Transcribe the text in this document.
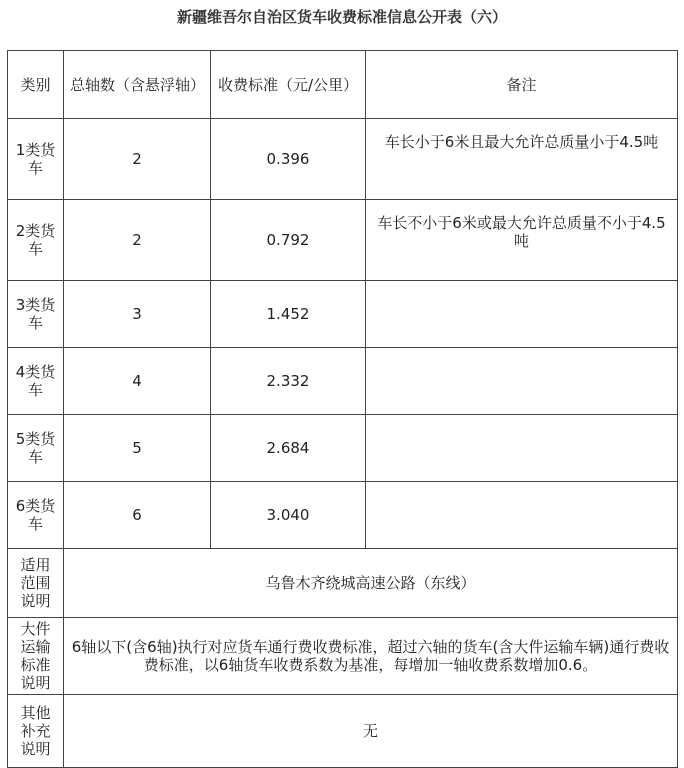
新疆维吾尔自治区货车收费标准信息公开表（六）
类别	总轴数（含悬浮轴）	收费标准（元/公里）	备注
1类货车	2	0.396	车长小于6米且最大允许总质量小于4.5吨
2类货车	2	0.792	车长不小于6米或最大允许总质量不小于4.5吨
3类货车	3	1.452	
4类货车	4	2.332	
5类货车	5	2.684	
6类货车	6	3.040	
适用范围说明	乌鲁木齐绕城高速公路（东线）		
大件运输标准说明	6轴以下(含6轴)执行对应货车通行费收费标准，超过六轴的货车(含大件运输车辆)通行费收费标准，以6轴货车收费系数为基准，每增加一轴收费系数增加0.6。		
其他补充说明	无		
